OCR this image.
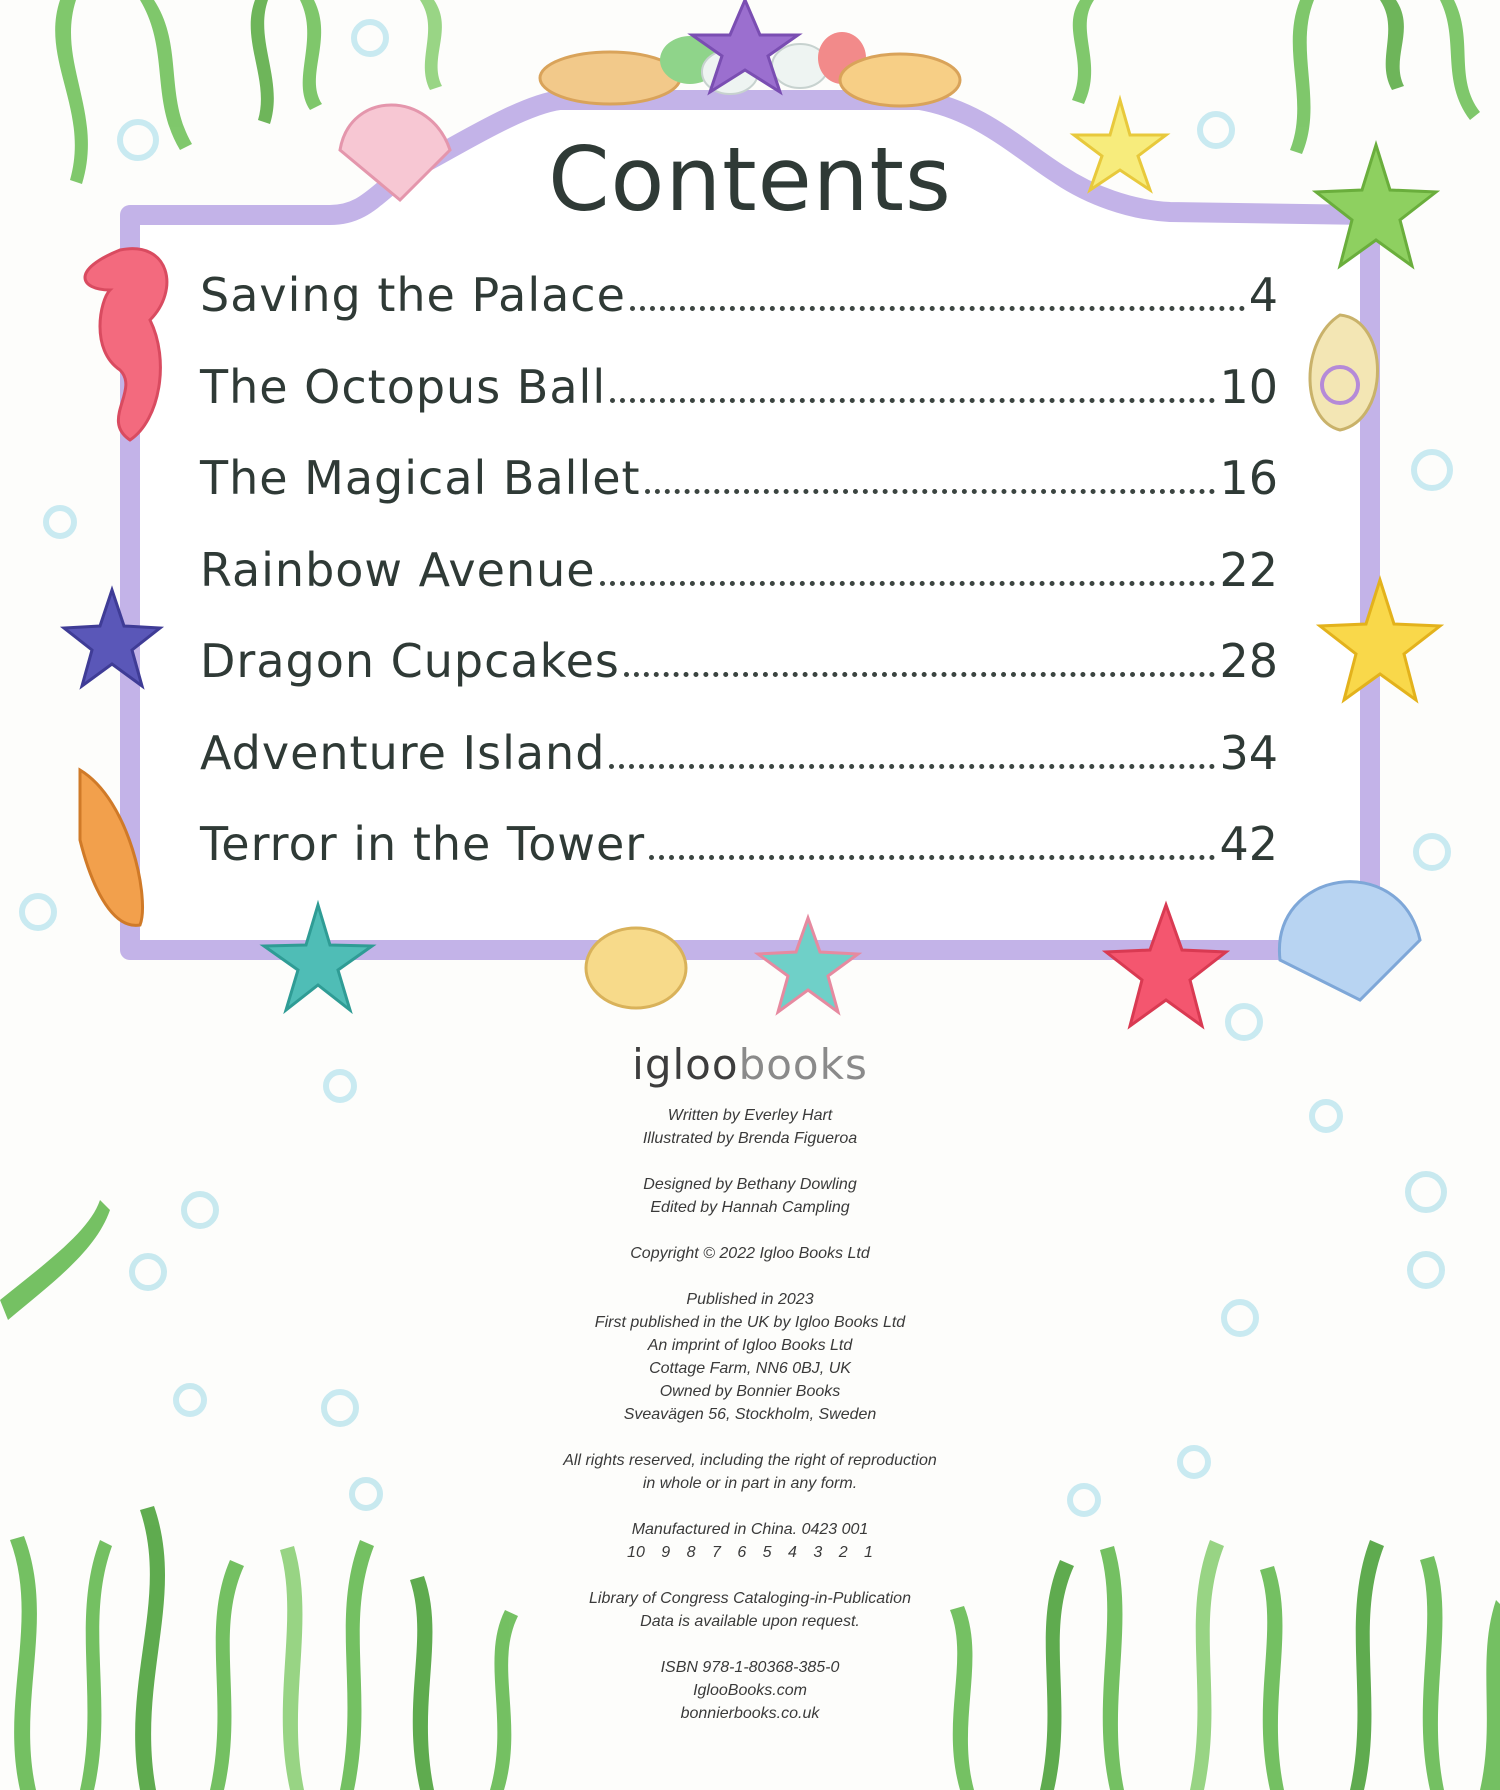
Contents
Saving the Palace	4
The Octopus Ball	10
The Magical Ballet	16
Rainbow Avenue	22
Dragon Cupcakes	28
Adventure Island	34
Terror in the Tower	42
igloobooks
Written by Everley Hart
Illustrated by Brenda Figueroa
Designed by Bethany Dowling
Edited by Hannah Campling
Copyright © 2022 Igloo Books Ltd
Published in 2023
First published in the UK by Igloo Books Ltd
An imprint of Igloo Books Ltd
Cottage Farm, NN6 0BJ, UK
Owned by Bonnier Books
Sveavägen 56, Stockholm, Sweden
All rights reserved, including the right of reproduction
in whole or in part in any form.
Manufactured in China. 0423 001
10 9 8 7 6 5 4 3 2 1
Library of Congress Cataloging-in-Publication
Data is available upon request.
ISBN 978-1-80368-385-0
IglooBooks.com
bonnierbooks.co.uk
